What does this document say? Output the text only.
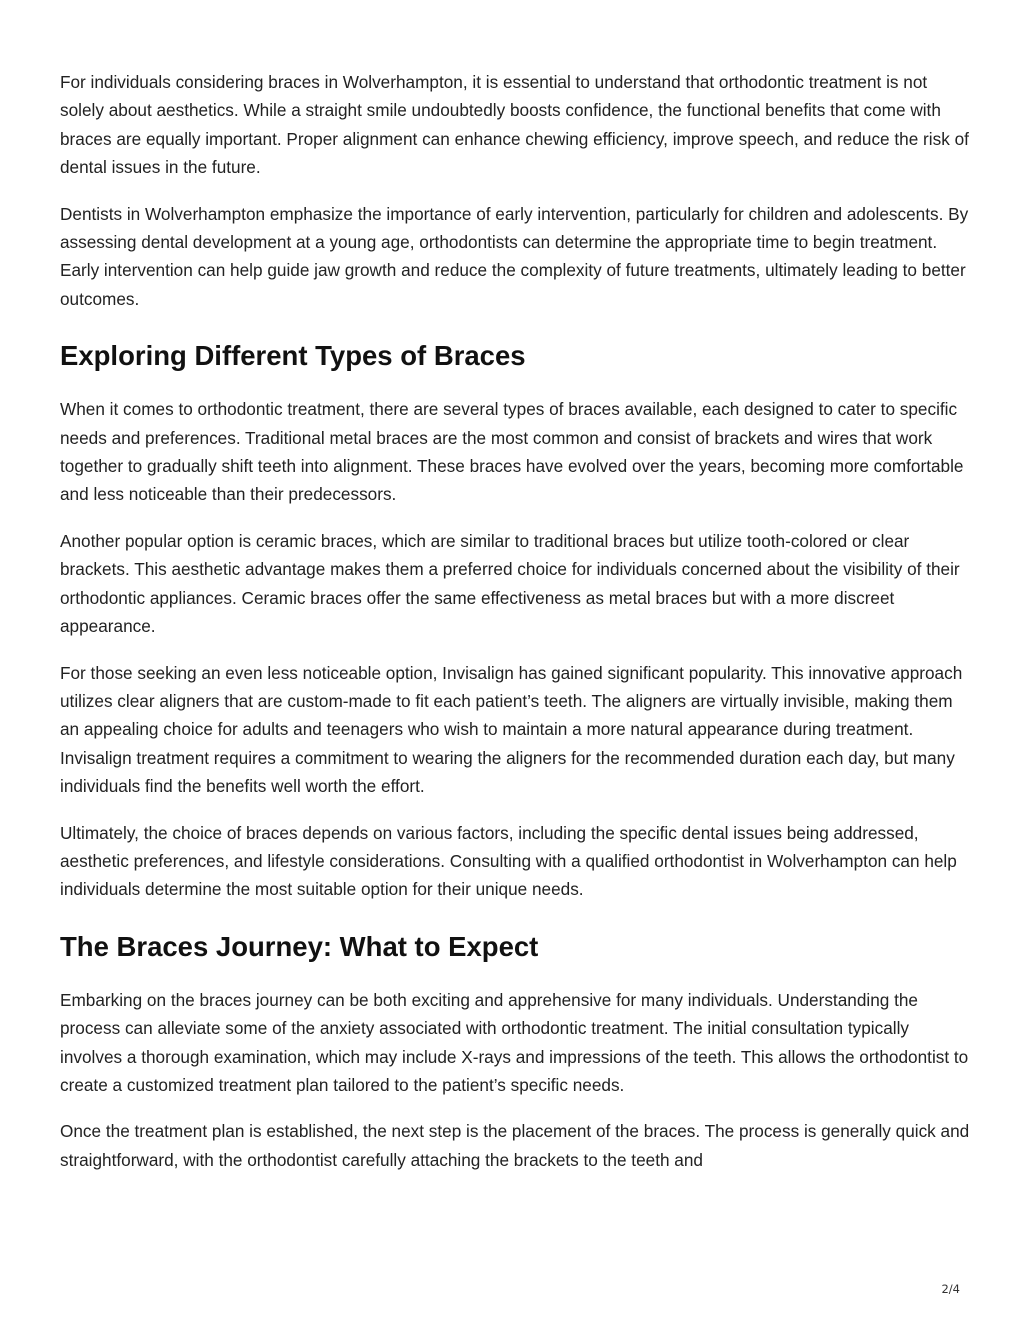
For individuals considering braces in Wolverhampton, it is essential to understand that orthodontic treatment is not solely about aesthetics. While a straight smile undoubtedly boosts confidence, the functional benefits that come with braces are equally important. Proper alignment can enhance chewing efficiency, improve speech, and reduce the risk of dental issues in the future.

Dentists in Wolverhampton emphasize the importance of early intervention, particularly for children and adolescents. By assessing dental development at a young age, orthodontists can determine the appropriate time to begin treatment. Early intervention can help guide jaw growth and reduce the complexity of future treatments, ultimately leading to better outcomes.

Exploring Different Types of Braces

When it comes to orthodontic treatment, there are several types of braces available, each designed to cater to specific needs and preferences. Traditional metal braces are the most common and consist of brackets and wires that work together to gradually shift teeth into alignment. These braces have evolved over the years, becoming more comfortable and less noticeable than their predecessors.

Another popular option is ceramic braces, which are similar to traditional braces but utilize tooth-colored or clear brackets. This aesthetic advantage makes them a preferred choice for individuals concerned about the visibility of their orthodontic appliances. Ceramic braces offer the same effectiveness as metal braces but with a more discreet appearance.

For those seeking an even less noticeable option, Invisalign has gained significant popularity. This innovative approach utilizes clear aligners that are custom-made to fit each patient’s teeth. The aligners are virtually invisible, making them an appealing choice for adults and teenagers who wish to maintain a more natural appearance during treatment. Invisalign treatment requires a commitment to wearing the aligners for the recommended duration each day, but many individuals find the benefits well worth the effort.

Ultimately, the choice of braces depends on various factors, including the specific dental issues being addressed, aesthetic preferences, and lifestyle considerations. Consulting with a qualified orthodontist in Wolverhampton can help individuals determine the most suitable option for their unique needs.

The Braces Journey: What to Expect

Embarking on the braces journey can be both exciting and apprehensive for many individuals. Understanding the process can alleviate some of the anxiety associated with orthodontic treatment. The initial consultation typically involves a thorough examination, which may include X-rays and impressions of the teeth. This allows the orthodontist to create a customized treatment plan tailored to the patient’s specific needs.

Once the treatment plan is established, the next step is the placement of the braces. The process is generally quick and straightforward, with the orthodontist carefully attaching the brackets to the teeth and

2/4
